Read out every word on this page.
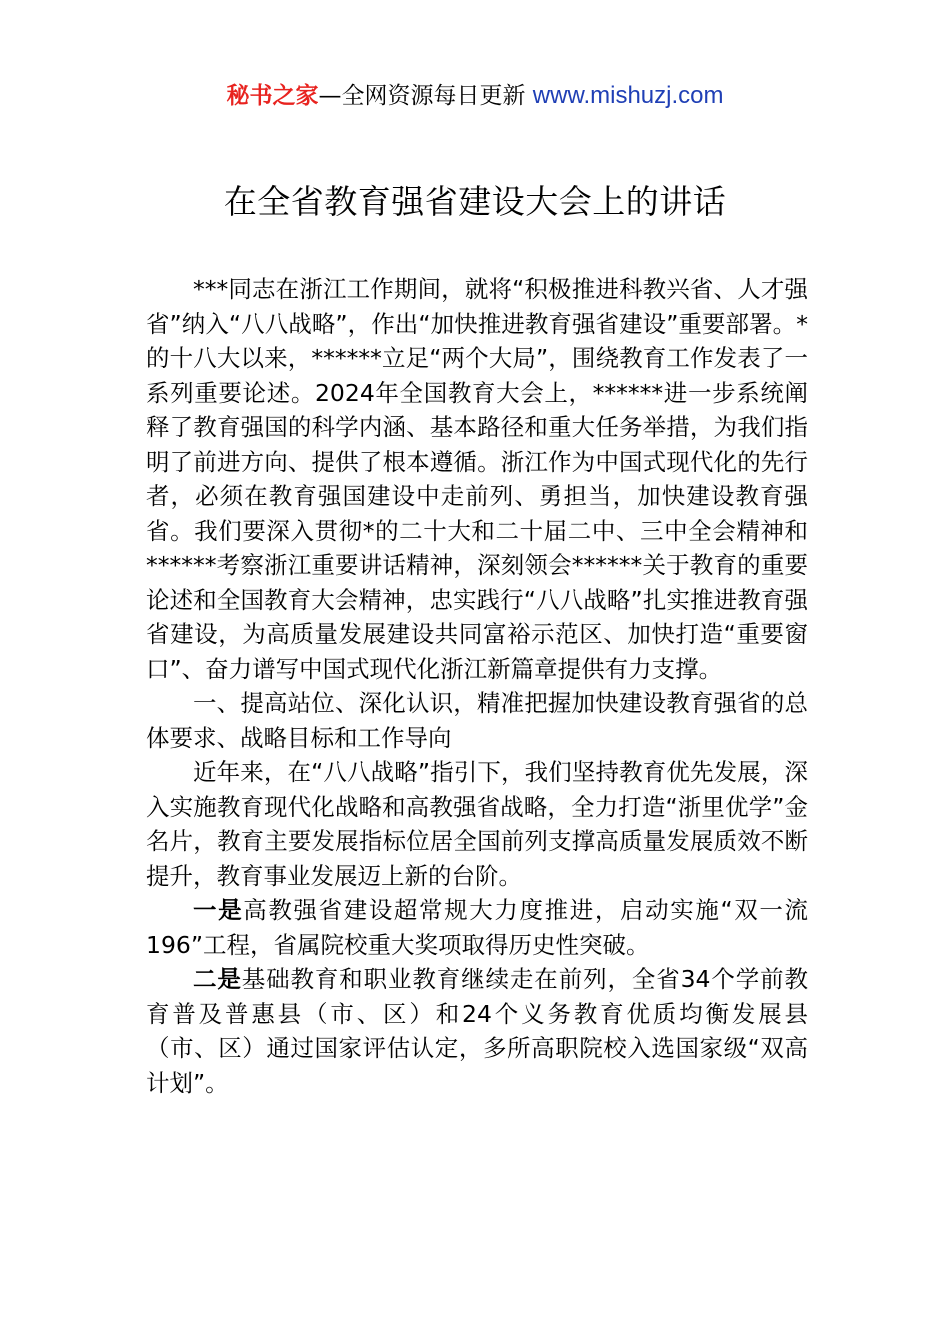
秘书之家—全网资源每日更新 www.mishuzj.com
在全省教育强省建设大会上的讲话

***同志在浙江工作期间，就将“积极推进科教兴省、人才强省”纳入“八八战略”，作出“加快推进教育强省建设”重要部署。*的十八大以来，******立足“两个大局”，围绕教育工作发表了一系列重要论述。2024年全国教育大会上，******进一步系统阐释了教育强国的科学内涵、基本路径和重大任务举措，为我们指明了前进方向、提供了根本遵循。浙江作为中国式现代化的先行者，必须在教育强国建设中走前列、勇担当，加快建设教育强省。我们要深入贯彻*的二十大和二十届二中、三中全会精神和******考察浙江重要讲话精神，深刻领会******关于教育的重要论述和全国教育大会精神，忠实践行“八八战略”扎实推进教育强省建设，为高质量发展建设共同富裕示范区、加快打造“重要窗口”、奋力谱写中国式现代化浙江新篇章提供有力支撑。

一、提高站位、深化认识，精准把握加快建设教育强省的总体要求、战略目标和工作导向

近年来，在“八八战略”指引下，我们坚持教育优先发展，深入实施教育现代化战略和高教强省战略，全力打造“浙里优学”金名片，教育主要发展指标位居全国前列支撑高质量发展质效不断提升，教育事业发展迈上新的台阶。

一是高教强省建设超常规大力度推进，启动实施“双一流196”工程，省属院校重大奖项取得历史性突破。

二是基础教育和职业教育继续走在前列，全省34个学前教育普及普惠县（市、区）和24个义务教育优质均衡发展县（市、区）通过国家评估认定，多所高职院校入选国家级“双高计划”。
